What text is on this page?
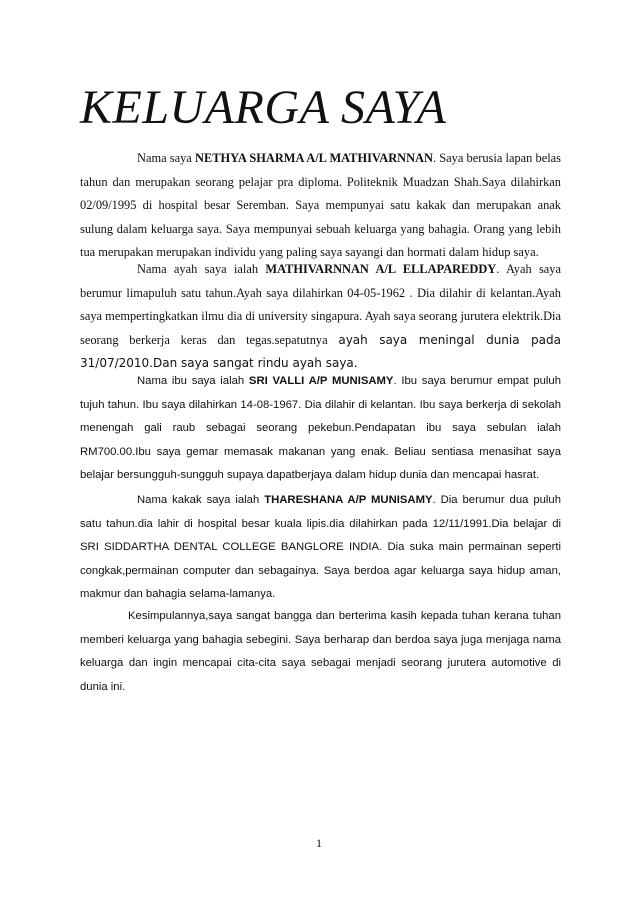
KELUARGA SAYA

Nama saya NETHYA SHARMA A/L MATHIVARNNAN. Saya berusia lapan belas tahun dan merupakan seorang pelajar pra diploma. Politeknik Muadzan Shah.Saya dilahirkan 02/09/1995 di hospital besar Seremban. Saya mempunyai satu kakak dan merupakan anak sulung dalam keluarga saya. Saya mempunyai sebuah keluarga yang bahagia. Orang yang lebih tua merupakan merupakan individu yang paling saya sayangi dan hormati dalam hidup saya.

Nama ayah saya ialah MATHIVARNNAN A/L ELLAPAREDDY. Ayah saya berumur limapuluh satu tahun.Ayah saya dilahirkan 04-05-1962 . Dia dilahir di kelantan.Ayah saya mempertingkatkan ilmu dia di university singapura. Ayah saya seorang jurutera elektrik.Dia seorang berkerja keras dan tegas.sepatutnya ayah saya meningal dunia pada 31/07/2010.Dan saya sangat rindu ayah saya.

Nama ibu saya ialah SRI VALLI A/P MUNISAMY. Ibu saya berumur empat puluh tujuh tahun. Ibu saya dilahirkan 14-08-1967. Dia dilahir di kelantan. Ibu saya berkerja di sekolah menengah gali raub sebagai seorang pekebun.Pendapatan ibu saya sebulan ialah RM700.00.Ibu saya gemar memasak makanan yang enak. Beliau sentiasa menasihat saya belajar bersungguh-sungguh supaya dapatberjaya dalam hidup dunia dan mencapai hasrat.

Nama kakak saya ialah THARESHANA A/P MUNISAMY. Dia berumur dua puluh satu tahun.dia lahir di hospital besar kuala lipis.dia dilahirkan pada 12/11/1991.Dia belajar di SRI SIDDARTHA DENTAL COLLEGE BANGLORE INDIA. Dia suka main permainan seperti congkak,permainan computer dan sebagainya. Saya berdoa agar keluarga saya hidup aman, makmur dan bahagia selama-lamanya.

Kesimpulannya,saya sangat bangga dan berterima kasih kepada tuhan kerana tuhan memberi keluarga yang bahagia sebegini. Saya berharap dan berdoa saya juga menjaga nama keluarga dan ingin mencapai cita-cita saya sebagai menjadi seorang jurutera automotive di dunia ini.

1
